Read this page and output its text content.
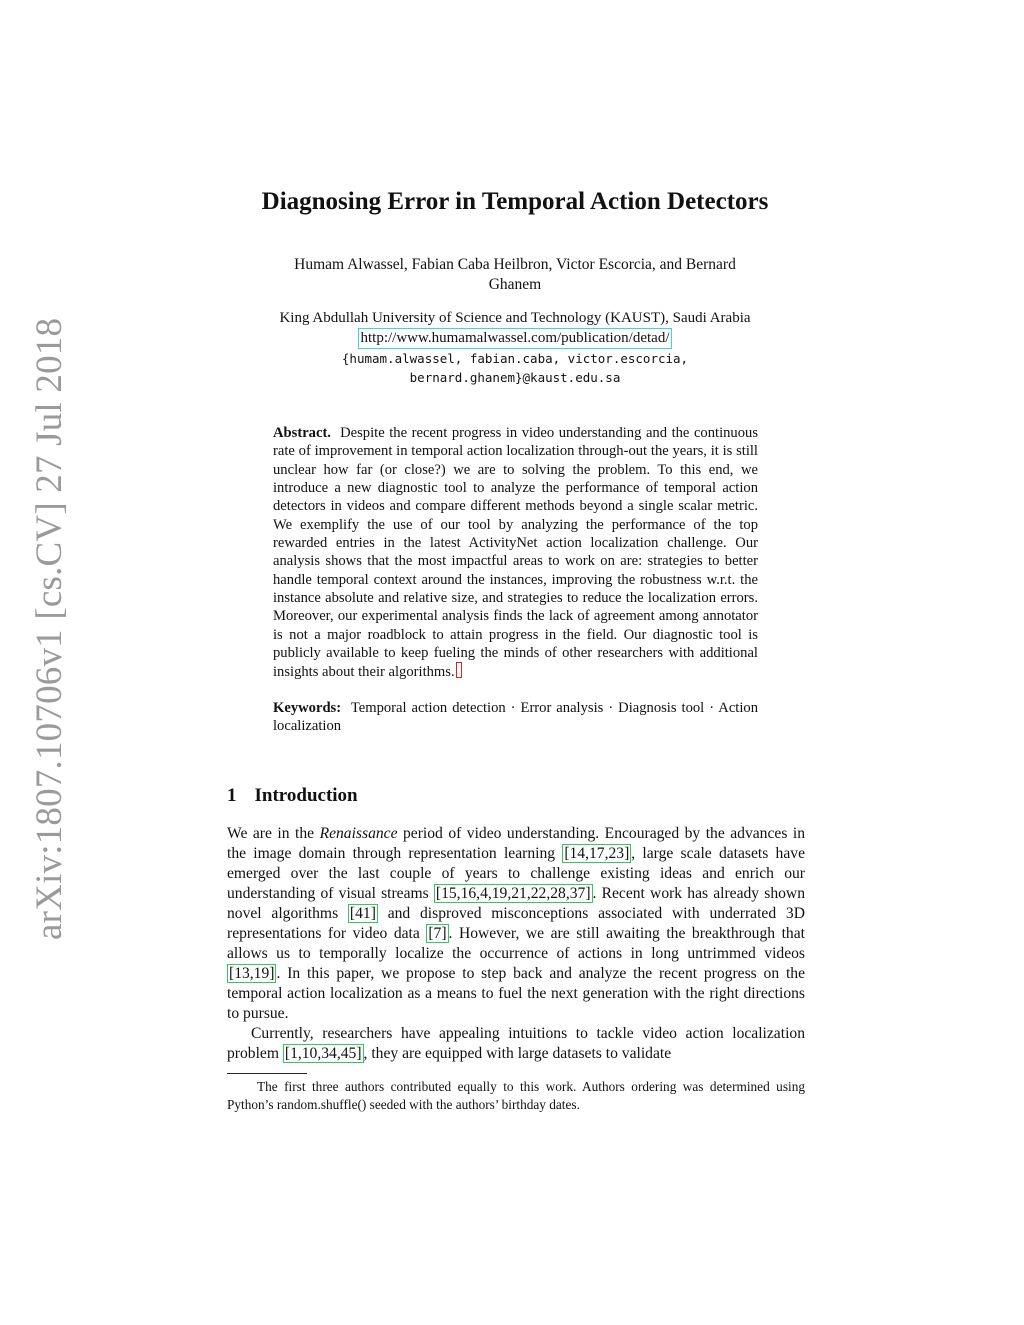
arXiv:1807.10706v1 [cs.CV] 27 Jul 2018
Diagnosing Error in Temporal Action Detectors
Humam Alwassel, Fabian Caba Heilbron, Victor Escorcia, and Bernard
Ghanem
King Abdullah University of Science and Technology (KAUST), Saudi Arabia
http://www.humamalwassel.com/publication/detad/
{humam.alwassel, fabian.caba, victor.escorcia,
bernard.ghanem}@kaust.edu.sa

Abstract. Despite the recent progress in video understanding and the continuous rate of improvement in temporal action localization through-out the years, it is still unclear how far (or close?) we are to solving the problem. To this end, we introduce a new diagnostic tool to analyze the performance of temporal action detectors in videos and compare different methods beyond a single scalar metric. We exemplify the use of our tool by analyzing the performance of the top rewarded entries in the latest ActivityNet action localization challenge. Our analysis shows that the most impactful areas to work on are: strategies to better handle temporal context around the instances, improving the robustness w.r.t. the instance absolute and relative size, and strategies to reduce the localization errors. Moreover, our experimental analysis finds the lack of agreement among annotator is not a major roadblock to attain progress in the field. Our diagnostic tool is publicly available to keep fueling the minds of other researchers with additional insights about their algorithms.

Keywords: Temporal action detection · Error analysis · Diagnosis tool · Action localization

1 Introduction

We are in the Renaissance period of video understanding. Encouraged by the advances in the image domain through representation learning [14,17,23] , large scale datasets have emerged over the last couple of years to challenge existing ideas and enrich our understanding of visual streams [15,16,4,19,21,22,28,37] . Recent work has already shown novel algorithms [41] and disproved misconceptions associated with underrated 3D representations for video data [7] . However, we are still awaiting the breakthrough that allows us to temporally localize the occurrence of actions in long untrimmed videos [13,19] . In this paper, we propose to step back and analyze the recent progress on the temporal action localization as a means to fuel the next generation with the right directions to pursue.

Currently, researchers have appealing intuitions to tackle video action localization problem [1,10,34,45] , they are equipped with large datasets to validate

The first three authors contributed equally to this work. Authors ordering was determined using Python’s random.shuffle() seeded with the authors’ birthday dates.
